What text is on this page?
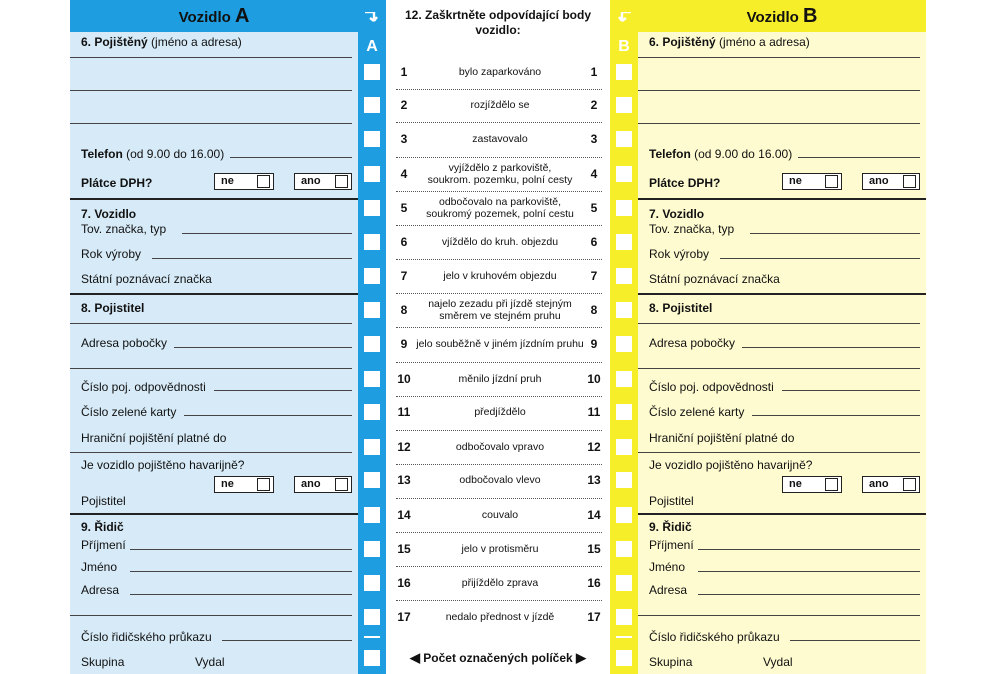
Vozidlo A
6. Pojištěný (jméno a adresa)
Telefon (od 9.00 do 16.00)
Plátce DPH?	ne	ano
7. Vozidlo
Tov. značka, typ
Rok výroby
Státní poznávací značka
8. Pojistitel
Adresa pobočky
Číslo poj. odpovědnosti
Číslo zelené karty
Hraniční pojištění platné do
Je vozidlo pojištěno havarijně?
ne	ano
Pojistitel
9. Řidič
Příjmení
Jméno
Adresa
Číslo řidičského průkazu
Skupina	Vydal
A
12. Zaškrtněte odpovídající body
vozidlo:
1	bylo zaparkováno	1
2	rozjíždělo se	2
3	zastavovalo	3
4	vyjíždělo z parkoviště,
soukrom. pozemku, polní cesty	4
5	odbočovalo na parkoviště,
soukromý pozemek, polní cestu	5
6	vjíždělo do kruh. objezdu	6
7	jelo v kruhovém objezdu	7
8	najelo zezadu při jízdě stejným
směrem ve stejném pruhu	8
9 jelo souběžně v jiném jízdním pruhu 9
10	měnilo jízdní pruh	10
11	předjíždělo	11
12	odbočovalo vpravo	12
13	odbočovalo vlevo	13
14	couvalo	14
15	jelo v protisměru	15
16	přijíždělo zprava	16
17	nedalo přednost v jízdě	17
◀ Počet označených políček ▶
B
Vozidlo B
6. Pojištěný (jméno a adresa)
Telefon (od 9.00 do 16.00)
Plátce DPH?	ne	ano
7. Vozidlo
Tov. značka, typ
Rok výroby
Státní poznávací značka
8. Pojistitel
Adresa pobočky
Číslo poj. odpovědnosti
Číslo zelené karty
Hraniční pojištění platné do
Je vozidlo pojištěno havarijně?
ne	ano
Pojistitel
9. Řidič
Příjmení
Jméno
Adresa
Číslo řidičského průkazu
Skupina	Vydal
